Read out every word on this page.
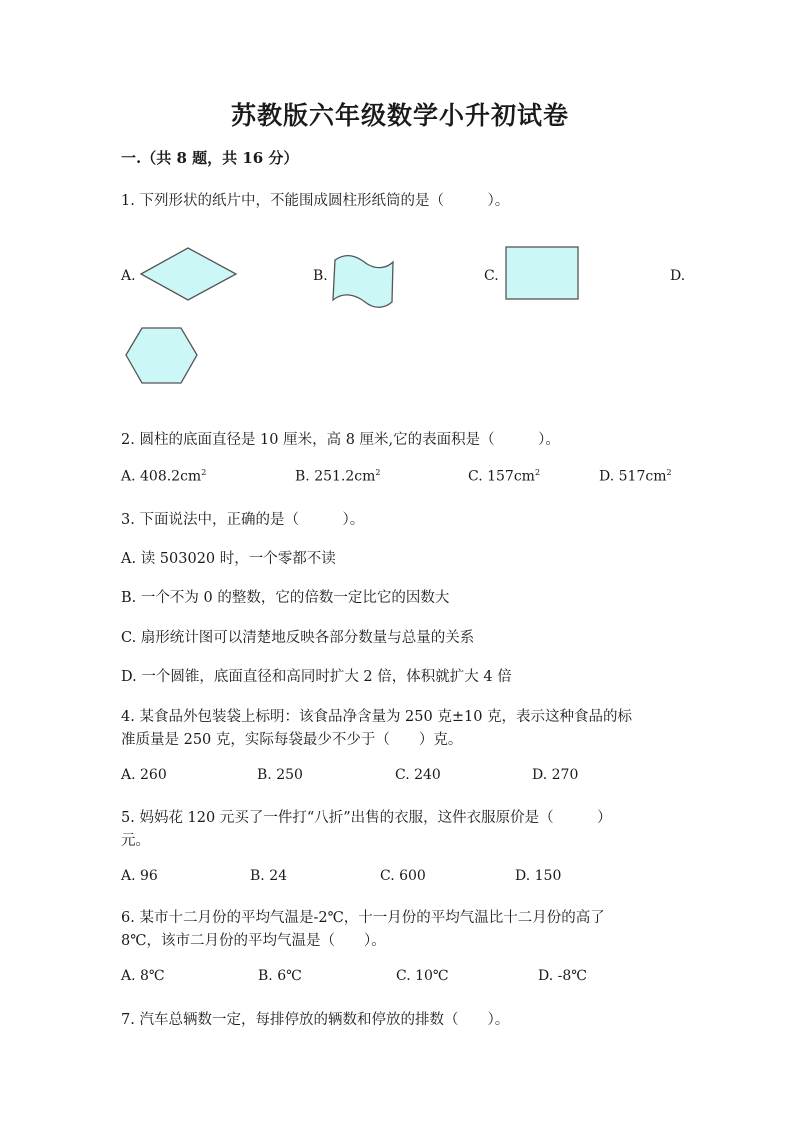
苏教版六年级数学小升初试卷
一.（共 8 题，共 16 分）
1. 下列形状的纸片中，不能围成圆柱形纸筒的是（　　　）。
A.	B.	C.	D.
2. 圆柱的底面直径是 10 厘米，高 8 厘米,它的表面积是（　　　）。
A. $408.2cm^2$	B. $251.2cm^2$	C. $157cm^2$	D. $517cm^2$
3. 下面说法中，正确的是（　　　）。
A. 读 503020 时，一个零都不读
B. 一个不为 0 的整数，它的倍数一定比它的因数大
C. 扇形统计图可以清楚地反映各部分数量与总量的关系
D. 一个圆锥，底面直径和高同时扩大 2 倍，体积就扩大 4 倍
4. 某食品外包装袋上标明：该食品净含量为 250 克±10 克，表示这种食品的标
准质量是 250 克，实际每袋最少不少于（　　）克。
A. 260	B. 250	C. 240	D. 270
5. 妈妈花 120 元买了一件打“八折”出售的衣服，这件衣服原价是（　　　）
元。
A. 96	B. 24	C. 600	D. 150
6. 某市十二月份的平均气温是-2℃，十一月份的平均气温比十二月份的高了
8℃，该市二月份的平均气温是（　　）。
A. 8℃	B. 6℃	C. 10℃	D. -8℃
7. 汽车总辆数一定，每排停放的辆数和停放的排数（　　）。
